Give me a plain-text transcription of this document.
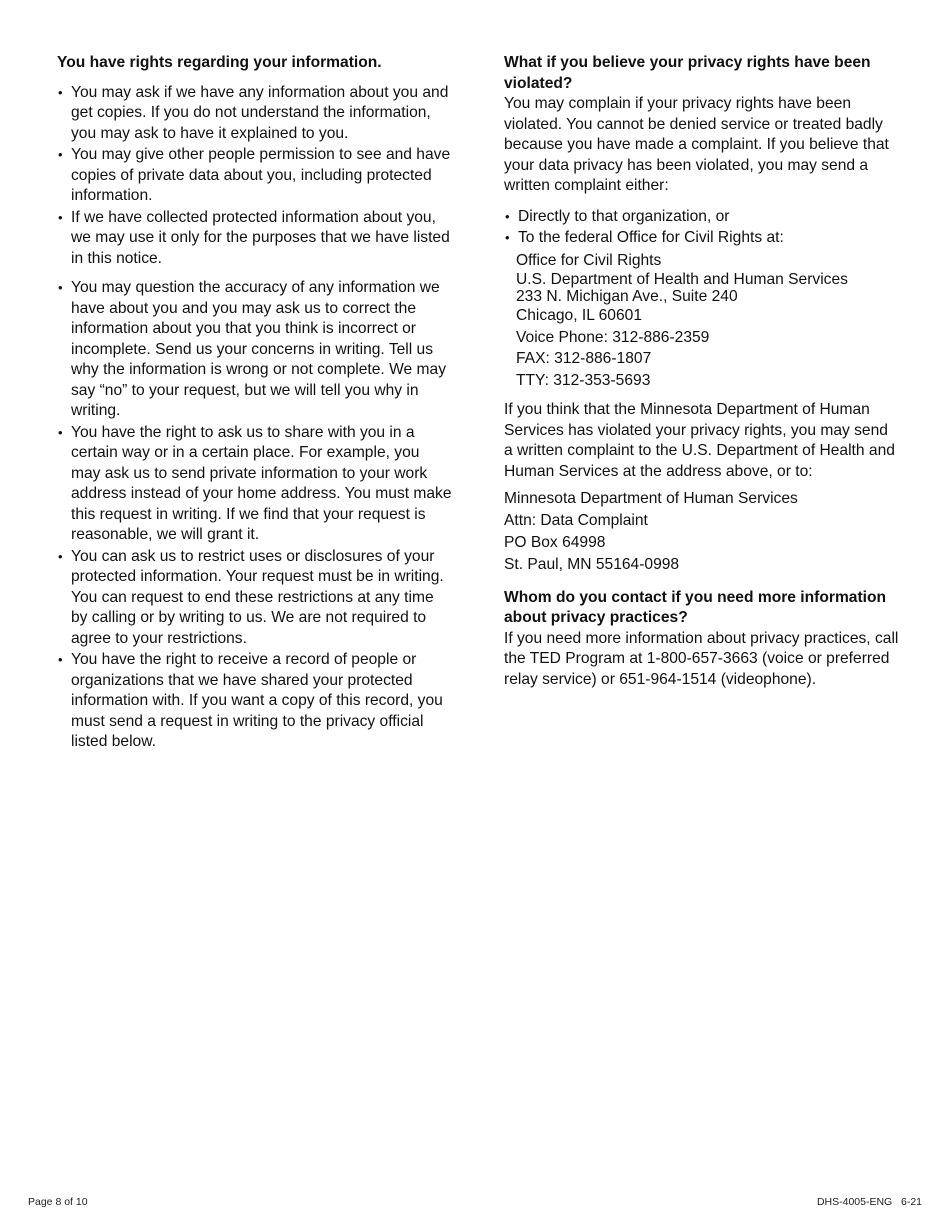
You have rights regarding your information.
• You may ask if we have any information about you and get copies. If you do not understand the information, you may ask to have it explained to you.
• You may give other people permission to see and have copies of private data about you, including protected information.
• If we have collected protected information about you, we may use it only for the purposes that we have listed in this notice.
• You may question the accuracy of any information we have about you and you may ask us to correct the information about you that you think is incorrect or incomplete. Send us your concerns in writing. Tell us why the information is wrong or not complete. We may say “no” to your request, but we will tell you why in writing.
• You have the right to ask us to share with you in a certain way or in a certain place. For example, you may ask us to send private information to your work address instead of your home address. You must make this request in writing. If we find that your request is reasonable, we will grant it.
• You can ask us to restrict uses or disclosures of your protected information. Your request must be in writing. You can request to end these restrictions at any time by calling or by writing to us. We are not required to agree to your restrictions.
• You have the right to receive a record of people or organizations that we have shared your protected information with. If you want a copy of this record, you must send a request in writing to the privacy official listed below.
What if you believe your privacy rights have been violated?

You may complain if your privacy rights have been violated. You cannot be denied service or treated badly because you have made a complaint. If you believe that your data privacy has been violated, you may send a written complaint either:

• Directly to that organization, or
• To the federal Office for Civil Rights at:
Office for Civil Rights
U.S. Department of Health and Human Services
233 N. Michigan Ave., Suite 240
Chicago, IL 60601
Voice Phone: 312-886-2359
FAX: 312-886-1807
TTY: 312-353-5693

If you think that the Minnesota Department of Human Services has violated your privacy rights, you may send a written complaint to the U.S. Department of Health and Human Services at the address above, or to:

Minnesota Department of Human Services
Attn: Data Complaint
PO Box 64998
St. Paul, MN 55164-0998
Whom do you contact if you need more information about privacy practices?

If you need more information about privacy practices, call the TED Program at 1-800-657-3663 (voice or preferred relay service) or 651-964-1514 (videophone).

Page 8 of 10	DHS-4005-ENG   6-21
